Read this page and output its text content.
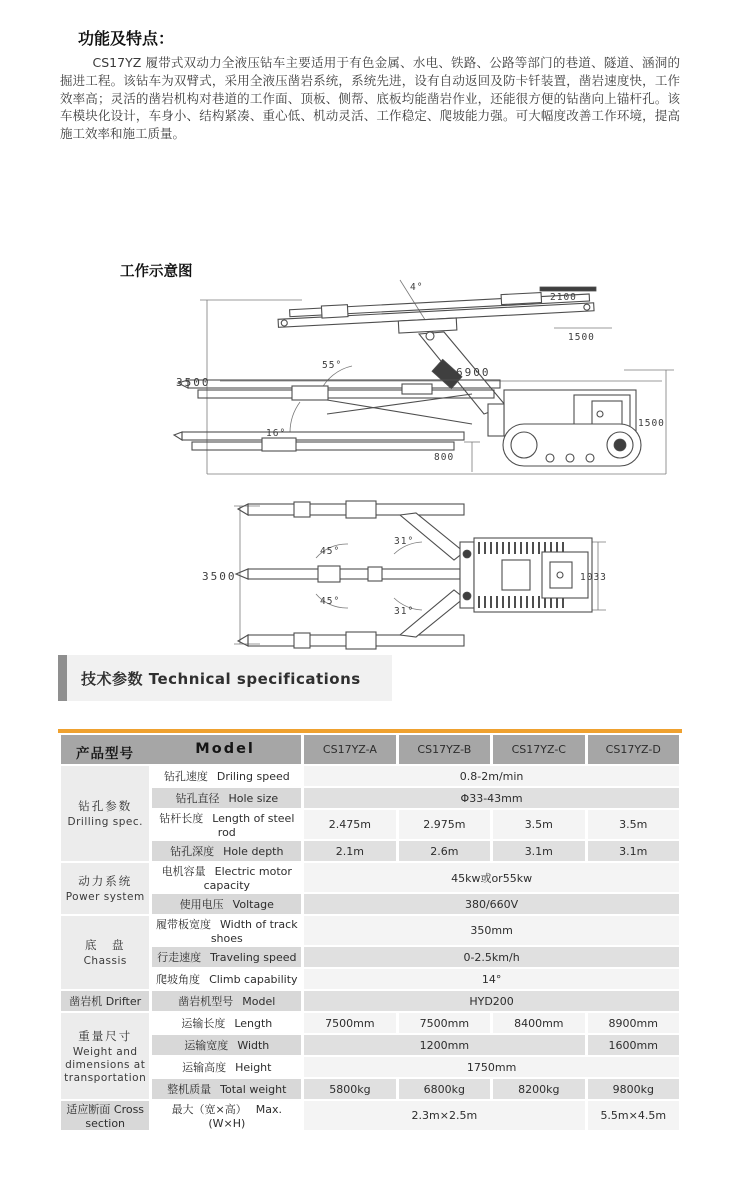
功能及特点：
CS17YZ 履带式双动力全液压钻车主要适用于有色金属、水电、铁路、公路等部门的巷道、隧道、涵洞的掘进工程。该钻车为双臂式，采用全液压凿岩系统，系统先进，设有自动返回及防卡钎装置，凿岩速度快，工作效率高；灵活的凿岩机构对巷道的工作面、顶板、侧帮、底板均能凿岩作业，还能很方便的钻凿向上锚杆孔。该车模块化设计，车身小、结构紧凑、重心低、机动灵活、工作稳定、爬坡能力强。可大幅度改善工作环境，提高施工效率和施工质量。
工作示意图
3500
6900
1500
2100
1500
800
16°
55°
4°
3500
45°
45°
31°
31°
1033
技术参数 Technical specifications
产品型号 Model		CS17YZ-A	CS17YZ-B	CS17YZ-C	CS17YZ-D

钻孔参数
Drilling spec.	钻孔速度 Driling speed	0.8-2m/min			
	钻孔直径 Hole size	Φ33-43mm			
	钻杆长度 Length of steel rod	2.475m	2.975m	3.5m	3.5m
	钻孔深度 Hole depth	2.1m	2.6m	3.1m	3.1m

动力系统
Power system	电机容量 Electric motor capacity	45kw或or55kw			
	使用电压 Voltage	380/660V			

底　盘
Chassis	履带板宽度 Width of track shoes	350mm			
	行走速度 Traveling speed	0-2.5km/h			
	爬坡角度 Climb capability	14°			
凿岩机 Drifter	凿岩机型号 Model	HYD200			

重量尺寸
Weight and dimensions at transportation	运输长度 Length	7500mm	7500mm	8400mm	8900mm
	运输宽度 Width	1200mm			1600mm
	运输高度 Height	1750mm			
	整机质量 Total weight	5800kg	6800kg	8200kg	9800kg
适应断面 Cross section	最大（宽×高） Max.(W×H)	2.3m×2.5m			5.5m×4.5m
